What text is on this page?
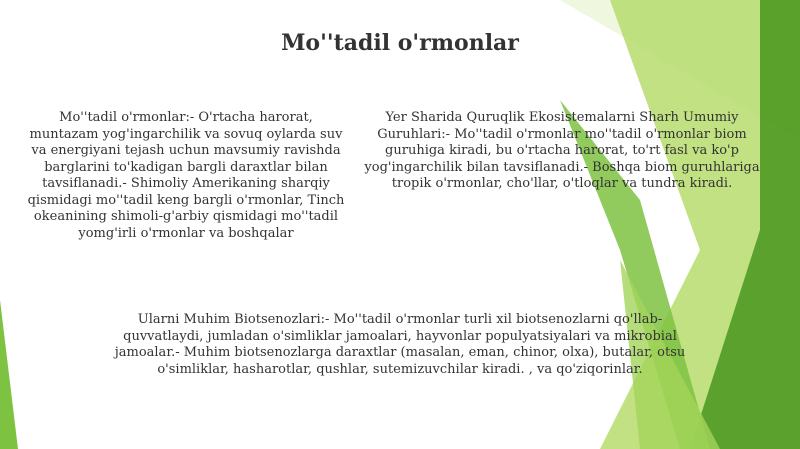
Mo''tadil o'rmonlar

Mo''tadil o'rmonlar:- O'rtacha harorat, muntazam yog'ingarchilik va sovuq oylarda suv va energiyani tejash uchun mavsumiy ravishda barglarini to'kadigan bargli daraxtlar bilan tavsiflanadi.- Shimoliy Amerikaning sharqiy qismidagi mo''tadil keng bargli o'rmonlar, Tinch okeanining shimoli-g'arbiy qismidagi mo''tadil yomg'irli o'rmonlar va boshqalar

Yer Sharida Quruqlik Ekosistemalarni Sharh Umumiy Guruhlari:- Mo''tadil o'rmonlar mo''tadil o'rmonlar biom guruhiga kiradi, bu o'rtacha harorat, to'rt fasl va ko'p yog'ingarchilik bilan tavsiflanadi.- Boshqa biom guruhlariga tropik o'rmonlar, cho'llar, o'tloqlar va tundra kiradi.

Ularni Muhim Biotsenozlari:- Mo''tadil o'rmonlar turli xil biotsenozlarni qo'llab-quvvatlaydi, jumladan o'simliklar jamoalari, hayvonlar populyatsiyalari va mikrobial jamoalar.- Muhim biotsenozlarga daraxtlar (masalan, eman, chinor, olxa), butalar, otsu o'simliklar, hasharotlar, qushlar, sutemizuvchilar kiradi. , va qo'ziqorinlar.
